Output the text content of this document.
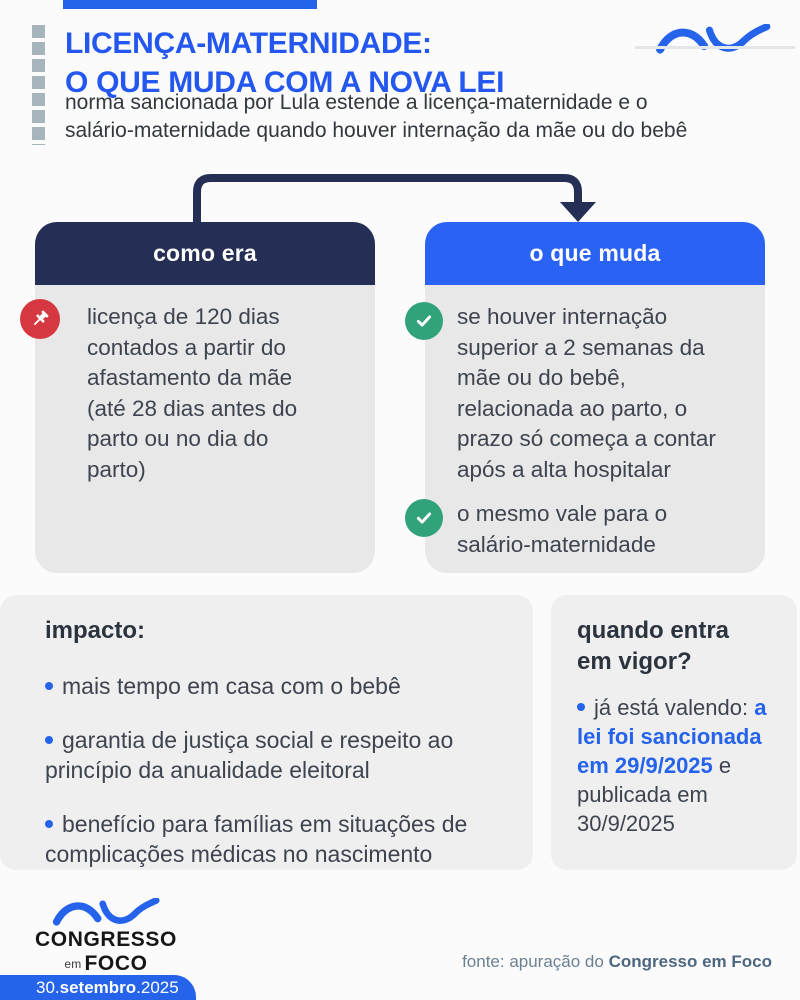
LICENÇA-MATERNIDADE:
O QUE MUDA COM A NOVA LEI
norma sancionada por Lula estende a licença-maternidade e o
salário-maternidade quando houver internação da mãe ou do bebê
como era
licença de 120 dias contados a partir do afastamento da mãe (até 28 dias antes do parto ou no dia do parto)
o que muda
se houver internação superior a 2 semanas da mãe ou do bebê, relacionada ao parto, o prazo só começa a contar após a alta hospitalar
o mesmo vale para o salário-maternidade
impacto:
mais tempo em casa com o bebê
garantia de justiça social e respeito ao princípio da anualidade eleitoral
benefício para famílias em situações de complicações médicas no nascimento
quando entra em vigor?
já está valendo: a lei foi sancionada em 29/9/2025 e publicada em 30/9/2025
CONGRESSO
em FOCO
30.setembro.2025
fonte: apuração do Congresso em Foco
